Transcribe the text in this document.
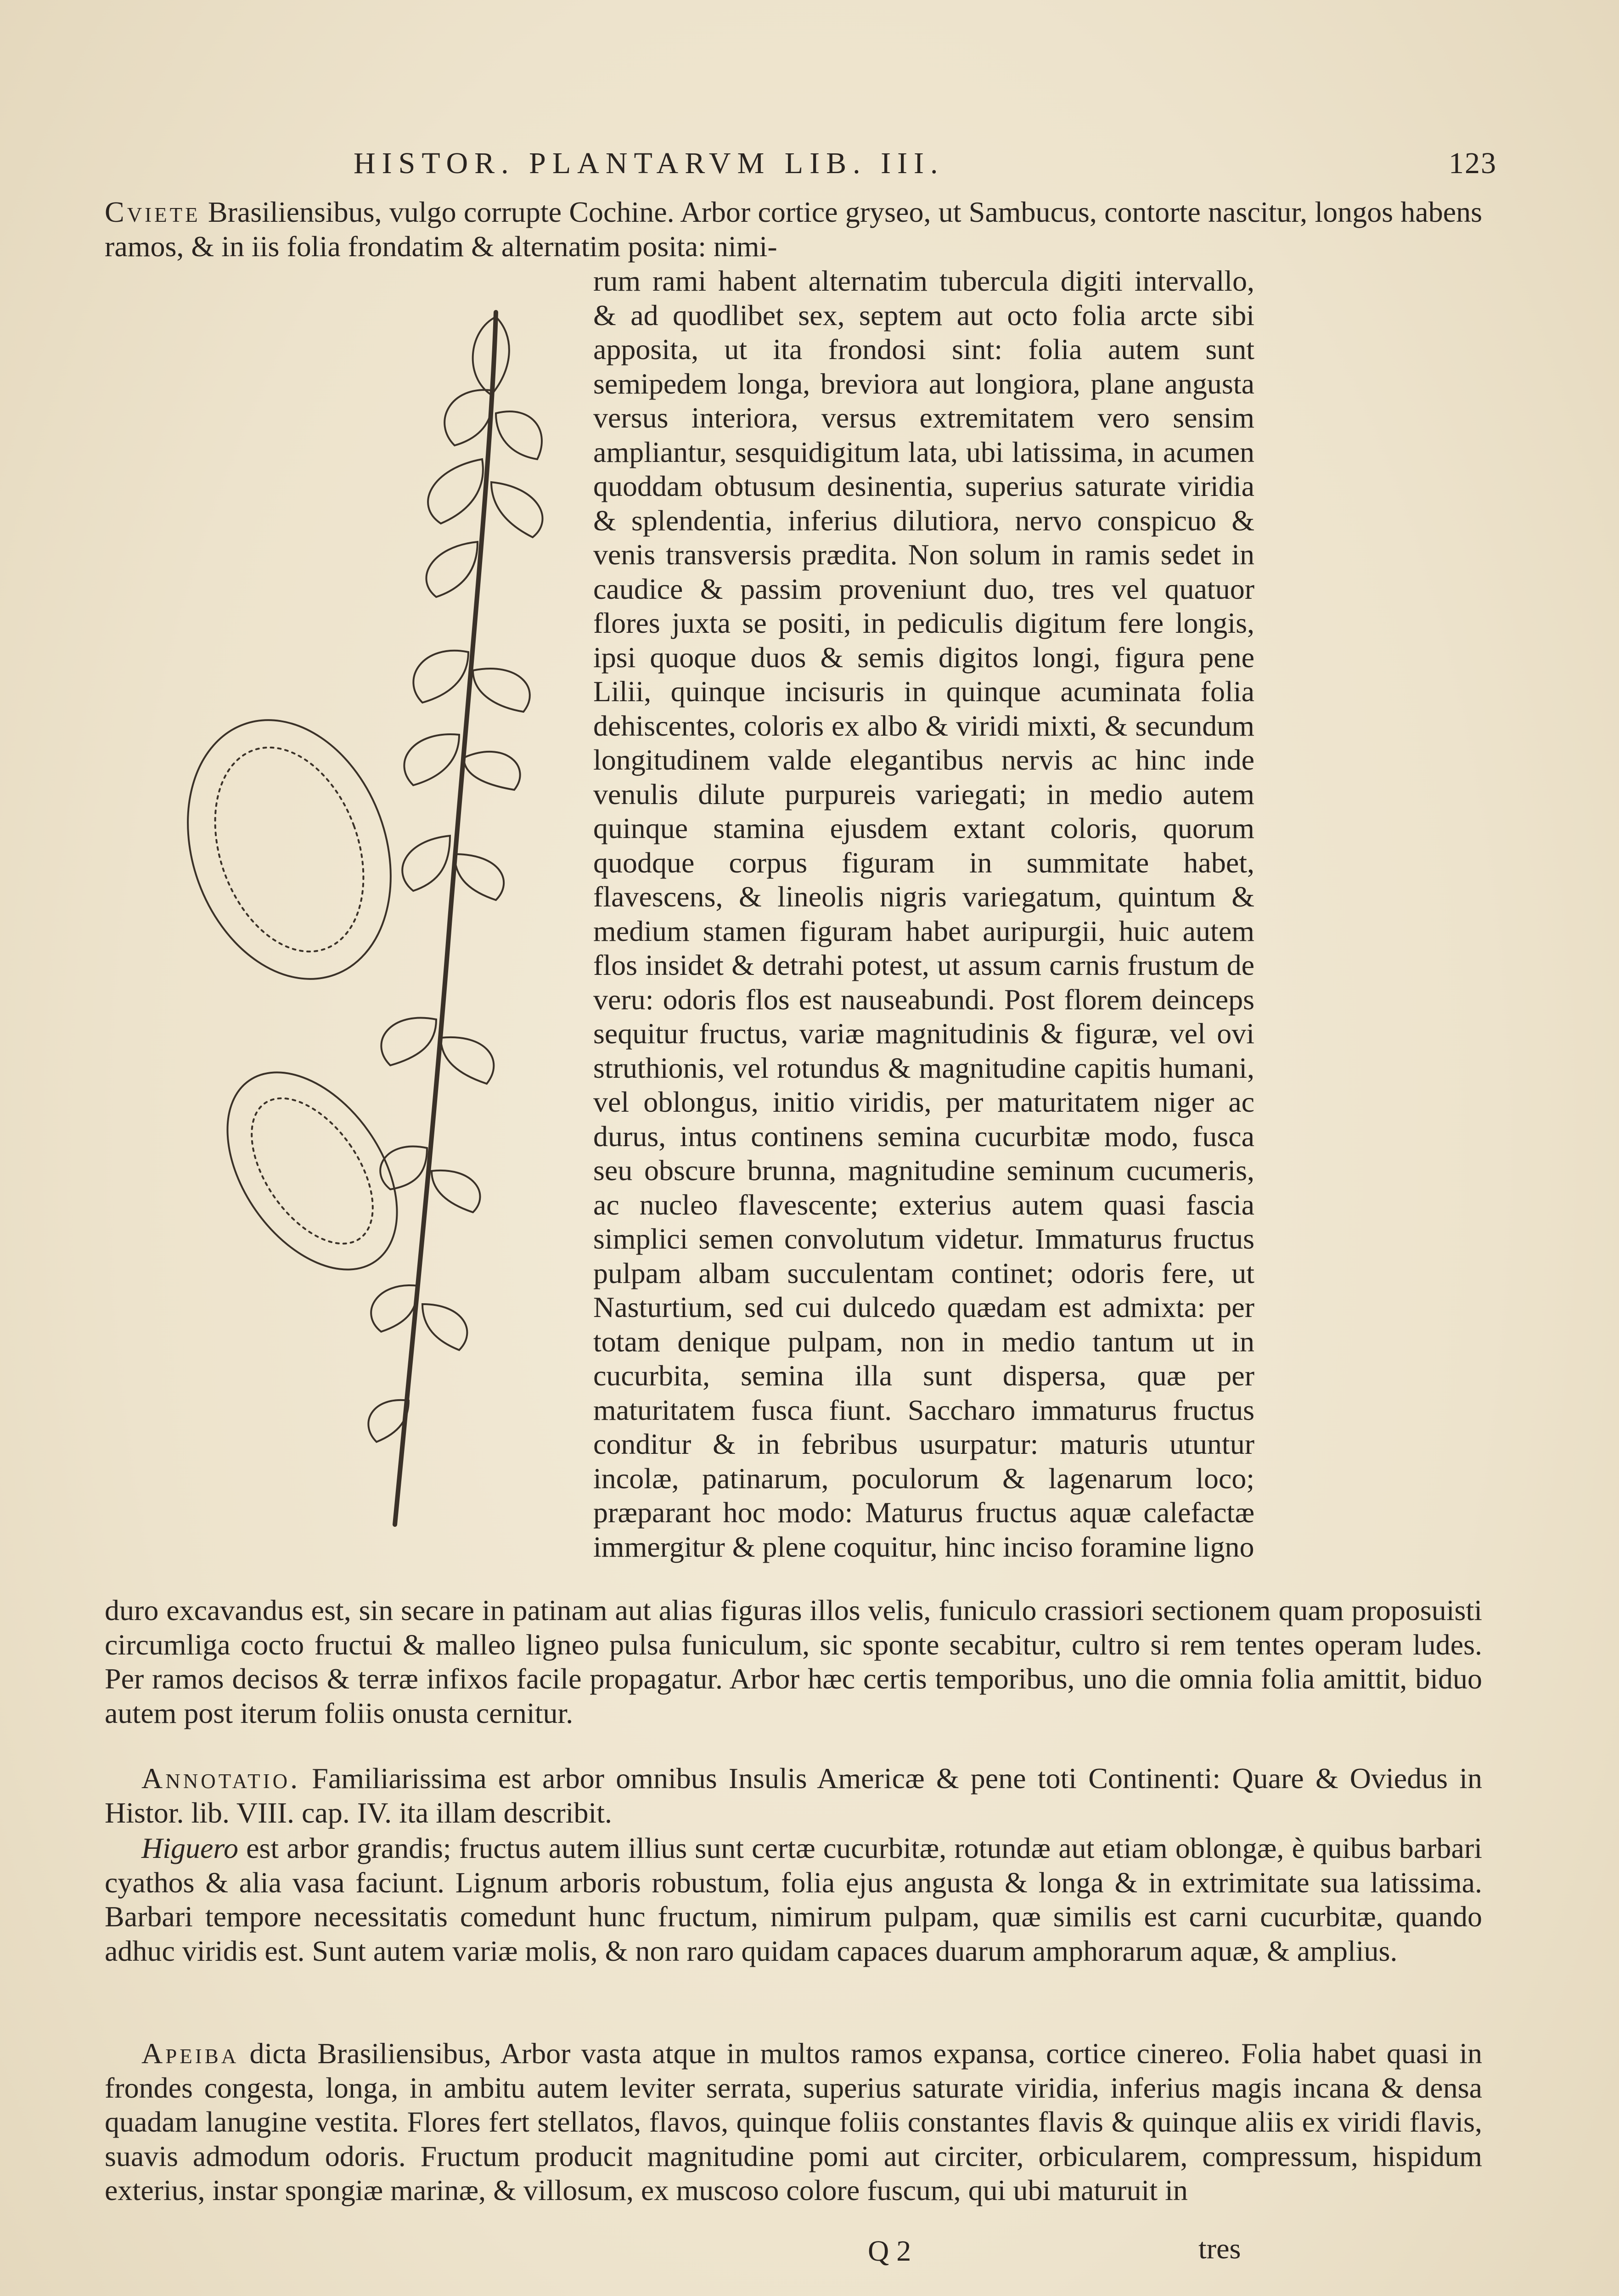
HISTOR. PLANTARVM LIB. III.	123

Cviete Brasiliensibus, vulgo corrupte Cochine. Arbor cortice gryseo, ut Sambucus, contorte nascitur, longos habens ramos, & in iis folia frondatim & alternatim posita: nimi-

rum rami habent alternatim tubercula digiti intervallo, & ad quodlibet sex, septem aut octo folia arcte sibi apposita, ut ita frondosi sint: folia autem sunt semipedem longa, breviora aut longiora, plane angusta versus interiora, versus extremitatem vero sensim ampliantur, sesquidigitum lata, ubi latissima, in acumen quoddam obtusum desinentia, superius saturate viridia & splendentia, inferius dilutiora, nervo conspicuo & venis transversis prædita. Non solum in ramis sedet in caudice & passim proveniunt duo, tres vel quatuor flores juxta se positi, in pediculis digitum fere longis, ipsi quoque duos & semis digitos longi, figura pene Lilii, quinque incisuris in quinque acuminata folia dehiscentes, coloris ex albo & viridi mixti, & secundum longitudinem valde elegantibus nervis ac hinc inde venulis dilute purpureis variegati; in medio autem quinque stamina ejusdem extant coloris, quorum quodque corpus figuram in summitate habet, flavescens, & lineolis nigris variegatum, quintum & medium stamen figuram habet auripurgii, huic autem flos insidet & detrahi potest, ut assum carnis frustum de veru: odoris flos est nauseabundi. Post florem deinceps sequitur fructus, variæ magnitudinis & figuræ, vel ovi struthionis, vel rotundus & magnitudine capitis humani, vel oblongus, initio viridis, per maturitatem niger ac durus, intus continens semina cucurbitæ modo, fusca seu obscure brunna, magnitudine seminum cucumeris, ac nucleo flavescente; exterius autem quasi fascia simplici semen convolutum videtur. Immaturus fructus pulpam albam succulentam continet; odoris fere, ut Nasturtium, sed cui dulcedo quædam est admixta: per totam denique pulpam, non in medio tantum ut in cucurbita, semina illa sunt dispersa, quæ per maturitatem fusca fiunt. Saccharo immaturus fructus conditur & in febribus usurpatur: maturis utuntur incolæ, patinarum, poculorum & lagenarum loco; præparant hoc modo: Maturus fructus aquæ calefactæ immergitur & plene coquitur, hinc inciso foramine ligno

duro excavandus est, sin secare in patinam aut alias figuras illos velis, funiculo crassiori sectionem quam proposuisti circumliga cocto fructui & malleo ligneo pulsa funiculum, sic sponte secabitur, cultro si rem tentes operam ludes. Per ramos decisos & terræ infixos facile propagatur. Arbor hæc certis temporibus, uno die omnia folia amittit, biduo autem post iterum foliis onusta cernitur.

Annotatio. Familiarissima est arbor omnibus Insulis Americæ & pene toti Continenti: Quare & Oviedus in Histor. lib. VIII. cap. IV. ita illam describit.

Higuero est arbor grandis; fructus autem illius sunt certæ cucurbitæ, rotundæ aut etiam oblongæ, è quibus barbari cyathos & alia vasa faciunt. Lignum arboris robustum, folia ejus angusta & longa & in extrimitate sua latissima. Barbari tempore necessitatis comedunt hunc fructum, nimirum pulpam, quæ similis est carni cucurbitæ, quando adhuc viridis est. Sunt autem variæ molis, & non raro quidam capaces duarum amphorarum aquæ, & amplius.

Apeiba dicta Brasiliensibus, Arbor vasta atque in multos ramos expansa, cortice cinereo. Folia habet quasi in frondes congesta, longa, in ambitu autem leviter serrata, superius saturate viridia, inferius magis incana & densa quadam lanugine vestita. Flores fert stellatos, flavos, quinque foliis constantes flavis & quinque aliis ex viridi flavis, suavis admodum odoris. Fructum producit magnitudine pomi aut circiter, orbicularem, compressum, hispidum exterius, instar spongiæ marinæ, & villosum, ex muscoso colore fuscum, qui ubi maturuit in

Q 2	tres
